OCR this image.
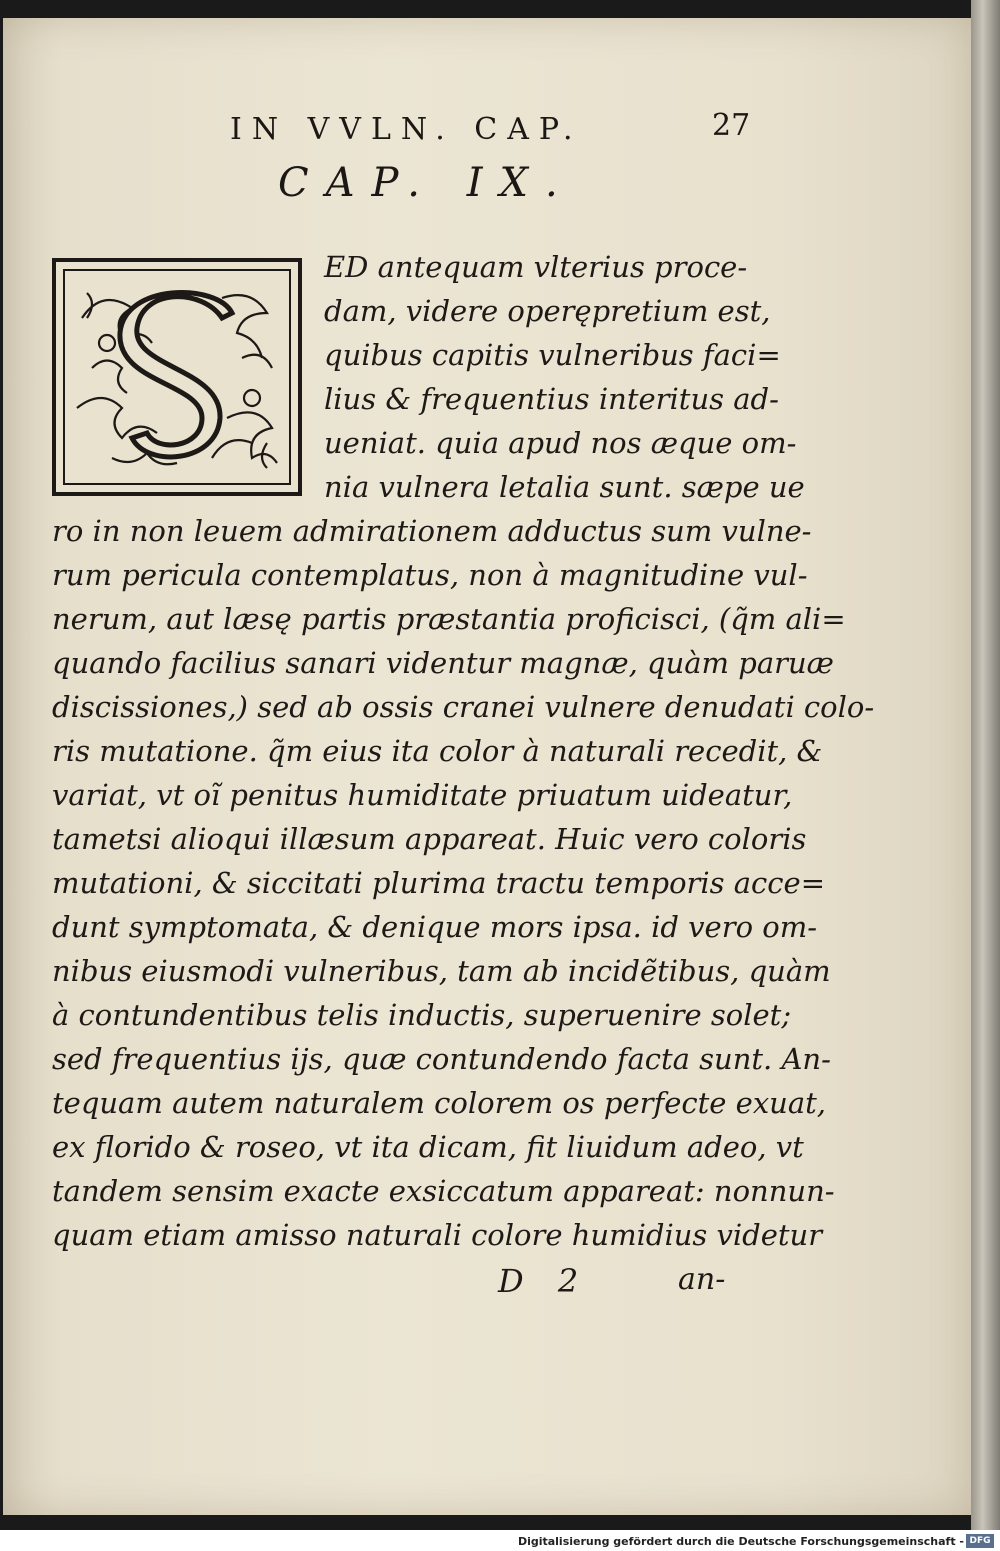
IN VVLN. CAP.	27
CAP. IX.
ED antequam vlterius proce-
dam, videre operępretium est,
quibus capitis vulneribus faci=
lius & frequentius interitus ad-
ueniat. quia apud nos æque om-
nia vulnera letalia sunt. sæpe ue
ro in non leuem admirationem adductus sum vulne-
rum pericula contemplatus, non à magnitudine vul-
nerum, aut læsę partis præstantia proficisci, (q̃m ali=
quando facilius sanari videntur magnæ, quàm paruæ
discissiones,) sed ab ossis cranei vulnere denudati colo-
ris mutatione. q̃m eius ita color à naturali recedit, &
variat, vt oĩ penitus humiditate priuatum uideatur,
tametsi alioqui illæsum appareat. Huic vero coloris
mutationi, & siccitati plurima tractu temporis acce=
dunt symptomata, & denique mors ipsa. id vero om-
nibus eiusmodi vulneribus, tam ab incidẽtibus, quàm
à contundentibus telis inductis, superuenire solet;
sed frequentius ijs, quæ contundendo facta sunt. An-
tequam autem naturalem colorem os perfecte exuat,
ex florido & roseo, vt ita dicam, fit liuidum adeo, vt
tandem sensim exacte exsiccatum appareat: nonnun-
quam etiam amisso naturali colore humidius videtur
D 2	an-
Digitalisierung gefördert durch die Deutsche Forschungsgemeinschaft - DFG
